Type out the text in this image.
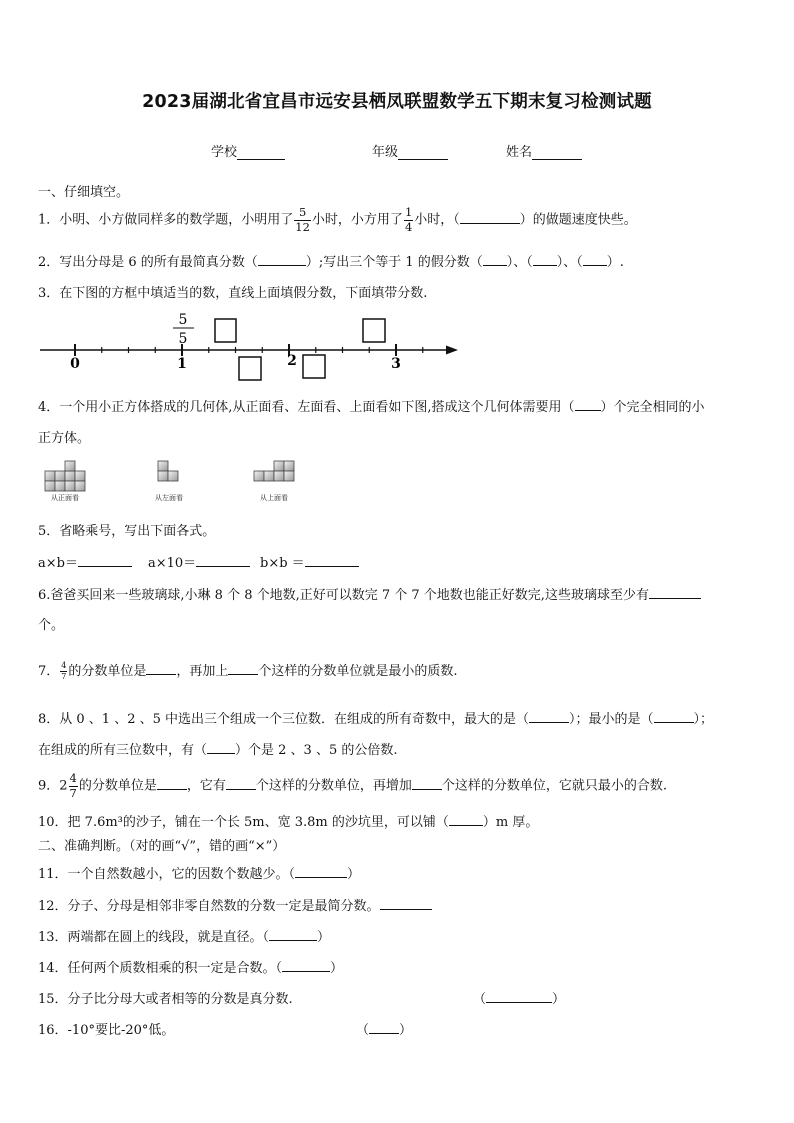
2023届湖北省宜昌市远安县栖凤联盟数学五下期末复习检测试题
学校	年级	姓名
一、仔细填空。
1．小明、小方做同样多的数学题，小明用了 $\frac{5}{12}$ 小时，小方用了 $\frac{1}{4}$ 小时，（	）的做题速度快些。
2．写出分母是 6 的所有最简真分数（	）;写出三个等于 1 的假分数（ ）、（ ）、（ ）.
3．在下图的方框中填适当的数，直线上面填假分数，下面填带分数.
0	1	2	3
5
5
4．一个用小正方体搭成的几何体,从正面看、左面看、上面看如下图,搭成这个几何体需要用（ ）个完全相同的小
正方体。
从正面看	从左面看	从上面看
5．省略乘号，写出下面各式。
a×b＝	a×10＝	b×b ＝
6.爸爸买回来一些玻璃球,小琳 8 个 8 个地数,正好可以数完 7 个 7 个地数也能正好数完,这些玻璃球至少有
个。
7． $\frac{4}{7}$ 的分数单位是 ，再加上 个这样的分数单位就是最小的质数.
8．从 0 、1 、2 、5 中选出三个组成一个三位数．在组成的所有奇数中，最大的是（	）；最小的是（	）；
在组成的所有三位数中，有（ ）个是 2 、3 、5 的公倍数.
9．$2 \frac{4}{7}$ 的分数单位是 ，它有 个这样的分数单位，再增加 个这样的分数单位，它就只最小的合数.
10．把 7.6m³的沙子，铺在一个长 5m、宽 3.8m 的沙坑里，可以铺（	）m 厚。
二、准确判断。（对的画“√”，错的画“×”）
11．一个自然数越小，它的因数个数越少。（	）
12．分子、分母是相邻非零自然数的分数一定是最简分数。
13．两端都在圆上的线段，就是直径。（	）
14．任何两个质数相乘的积一定是合数。（	）
15．分子比分母大或者相等的分数是真分数.	（	）
16．-10°要比-20°低。	（ ）
